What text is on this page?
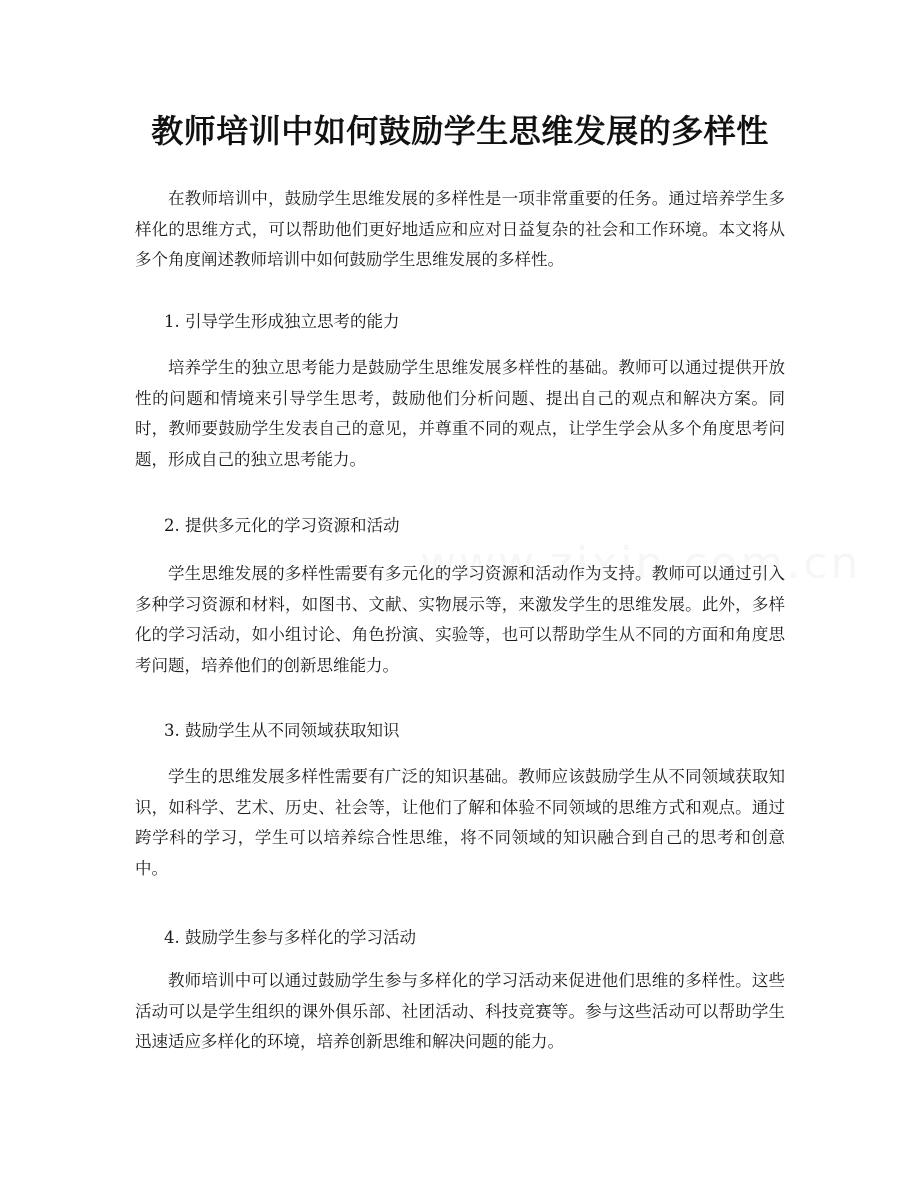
教师培训中如何鼓励学生思维发展的多样性

在教师培训中，鼓励学生思维发展的多样性是一项非常重要的任务。通过培养学生多样化的思维方式，可以帮助他们更好地适应和应对日益复杂的社会和工作环境。本文将从多个角度阐述教师培训中如何鼓励学生思维发展的多样性。

1. 引导学生形成独立思考的能力

培养学生的独立思考能力是鼓励学生思维发展多样性的基础。教师可以通过提供开放性的问题和情境来引导学生思考，鼓励他们分析问题、提出自己的观点和解决方案。同时，教师要鼓励学生发表自己的意见，并尊重不同的观点，让学生学会从多个角度思考问题，形成自己的独立思考能力。

2. 提供多元化的学习资源和活动

学生思维发展的多样性需要有多元化的学习资源和活动作为支持。教师可以通过引入多种学习资源和材料，如图书、文献、实物展示等，来激发学生的思维发展。此外，多样化的学习活动，如小组讨论、角色扮演、实验等，也可以帮助学生从不同的方面和角度思考问题，培养他们的创新思维能力。

3. 鼓励学生从不同领域获取知识

学生的思维发展多样性需要有广泛的知识基础。教师应该鼓励学生从不同领域获取知识，如科学、艺术、历史、社会等，让他们了解和体验不同领域的思维方式和观点。通过跨学科的学习，学生可以培养综合性思维，将不同领域的知识融合到自己的思考和创意中。

4. 鼓励学生参与多样化的学习活动

教师培训中可以通过鼓励学生参与多样化的学习活动来促进他们思维的多样性。这些活动可以是学生组织的课外俱乐部、社团活动、科技竞赛等。参与这些活动可以帮助学生迅速适应多样化的环境，培养创新思维和解决问题的能力。
